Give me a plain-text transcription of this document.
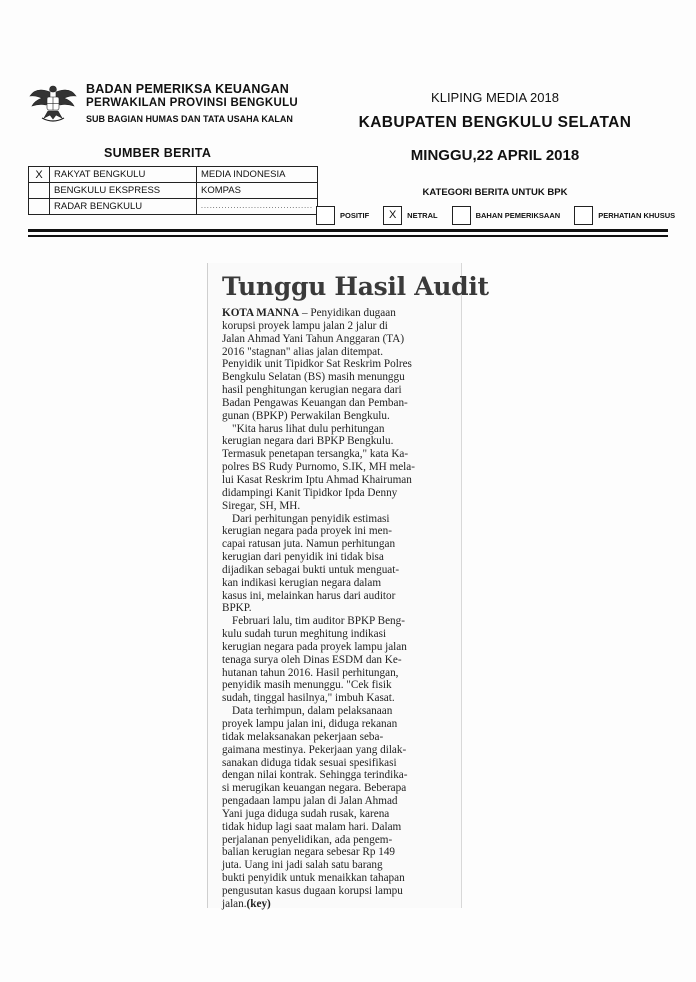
BADAN PEMERIKSA KEUANGAN
PERWAKILAN PROVINSI BENGKULU
SUB BAGIAN HUMAS DAN TATA USAHA KALAN
KLIPING MEDIA 2018
KABUPATEN BENGKULU SELATAN
MINGGU,22 APRIL 2018
KATEGORI BERITA UNTUK BPK
SUMBER BERITA
X	RAKYAT BENGKULU	MEDIA INDONESIA
	BENGKULU EKSPRESS	KOMPAS
	RADAR BENGKULU	......................................
POSITIF	X	NETRAL	BAHAN PEMERIKSAAN	PERHATIAN KHUSUS
Tunggu Hasil Audit
KOTA MANNA – Penyidikan dugaan
korupsi proyek lampu jalan 2 jalur di
Jalan Ahmad Yani Tahun Anggaran (TA)
2016 "stagnan" alias jalan ditempat.
Penyidik unit Tipidkor Sat Reskrim Polres
Bengkulu Selatan (BS) masih menunggu
hasil penghitungan kerugian negara dari
Badan Pengawas Keuangan dan Pemban-
gunan (BPKP) Perwakilan Bengkulu.
"Kita harus lihat dulu perhitungan
kerugian negara dari BPKP Bengkulu.
Termasuk penetapan tersangka," kata Ka-
polres BS Rudy Purnomo, S.IK, MH mela-
lui Kasat Reskrim Iptu Ahmad Khairuman
didampingi Kanit Tipidkor Ipda Denny
Siregar, SH, MH.
Dari perhitungan penyidik estimasi
kerugian negara pada proyek ini men-
capai ratusan juta. Namun perhitungan
kerugian dari penyidik ini tidak bisa
dijadikan sebagai bukti untuk menguat-
kan indikasi kerugian negara dalam
kasus ini, melainkan harus dari auditor
BPKP.
Februari lalu, tim auditor BPKP Beng-
kulu sudah turun meghitung indikasi
kerugian negara pada proyek lampu jalan
tenaga surya oleh Dinas ESDM dan Ke-
hutanan tahun 2016. Hasil perhitungan,
penyidik masih menunggu. "Cek fisik
sudah, tinggal hasilnya," imbuh Kasat.
Data terhimpun, dalam pelaksanaan
proyek lampu jalan ini, diduga rekanan
tidak melaksanakan pekerjaan seba-
gaimana mestinya. Pekerjaan yang dilak-
sanakan diduga tidak sesuai spesifikasi
dengan nilai kontrak. Sehingga terindika-
si merugikan keuangan negara. Beberapa
pengadaan lampu jalan di Jalan Ahmad
Yani juga diduga sudah rusak, karena
tidak hidup lagi saat malam hari. Dalam
perjalanan penyelidikan, ada pengem-
balian kerugian negara sebesar Rp 149
juta. Uang ini jadi salah satu barang
bukti penyidik untuk menaikkan tahapan
pengusutan kasus dugaan korupsi lampu
jalan.(key)
